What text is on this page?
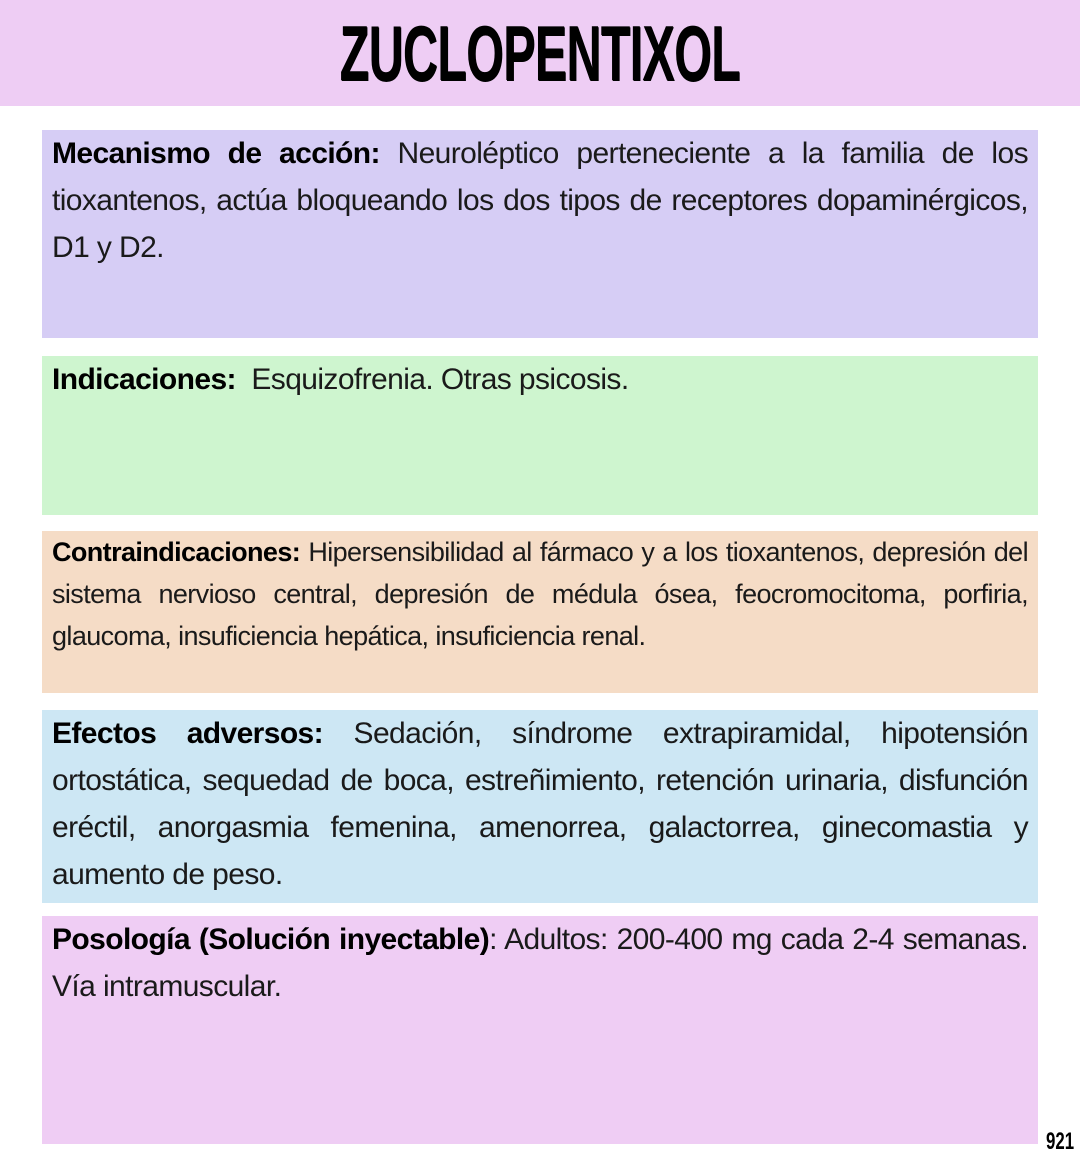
ZUCLOPENTIXOL

Mecanismo de acción: Neuroléptico perteneciente a la familia de los tioxantenos, actúa bloqueando los dos tipos de receptores dopaminérgicos, D1 y D2.

Indicaciones:  Esquizofrenia. Otras psicosis.

Contraindicaciones: Hipersensibilidad al fármaco y a los tioxantenos, depresión del sistema nervioso central, depresión de médula ósea, feocromocitoma, porfiria, glaucoma, insuficiencia hepática, insuficiencia renal.

Efectos adversos: Sedación, síndrome extrapiramidal, hipotensión ortostática, sequedad de boca, estreñimiento, retención urinaria, disfunción eréctil, anorgasmia femenina, amenorrea, galactorrea, ginecomastia y aumento de peso.

Posología (Solución inyectable): Adultos: 200-400 mg cada 2-4 semanas. Vía intramuscular.

921
